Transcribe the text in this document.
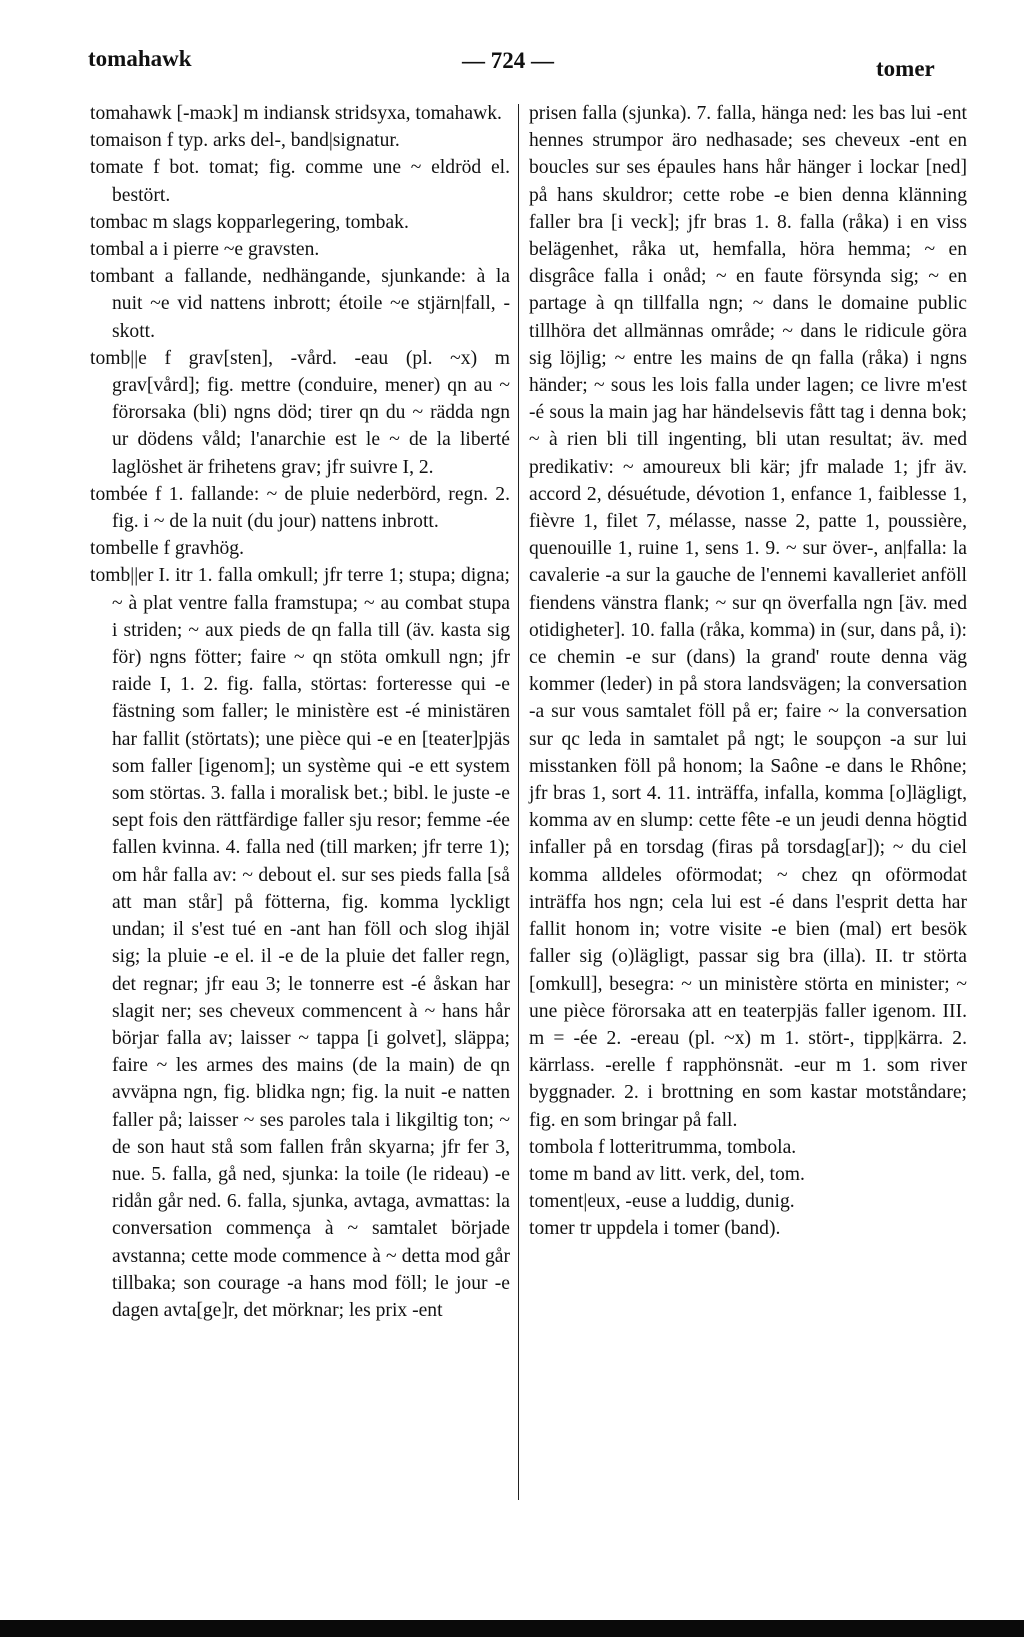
tomahawk	— 724 —	tomer

tomahawk [-maɔk] m indiansk stridsyxa, tomahawk.

tomaison f typ. arks del-, band|signatur.

tomate f bot. tomat; fig. comme une ~ eldröd el. bestört.

tombac m slags kopparlegering, tombak.

tombal a i pierre ~e gravsten.

tombant a fallande, nedhängande, sjunkande: à la nuit ~e vid nattens inbrott; étoile ~e stjärn|fall, -skott.

tomb||e f grav[sten], -vård. -eau (pl. ~x) m grav[vård]; fig. mettre (conduire, mener) qn au ~ förorsaka (bli) ngns död; tirer qn du ~ rädda ngn ur dödens våld; l'anarchie est le ~ de la liberté laglöshet är frihetens grav; jfr suivre I, 2.

tombée f 1. fallande: ~ de pluie nederbörd, regn. 2. fig. i ~ de la nuit (du jour) nattens inbrott.

tombelle f gravhög.

tomb||er I. itr 1. falla omkull; jfr terre 1; stupa; digna; ~ à plat ventre falla framstupa; ~ au combat stupa i striden; ~ aux pieds de qn falla till (äv. kasta sig för) ngns fötter; faire ~ qn stöta omkull ngn; jfr raide I, 1. 2. fig. falla, störtas: forteresse qui -e fästning som faller; le ministère est -é ministären har fallit (störtats); une pièce qui -e en [teater]pjäs som faller [igenom]; un système qui -e ett system som störtas. 3. falla i moralisk bet.; bibl. le juste -e sept fois den rättfärdige faller sju resor; femme -ée fallen kvinna. 4. falla ned (till marken; jfr terre 1); om hår falla av: ~ debout el. sur ses pieds falla [så att man står] på fötterna, fig. komma lyckligt undan; il s'est tué en -ant han föll och slog ihjäl sig; la pluie -e el. il -e de la pluie det faller regn, det regnar; jfr eau 3; le tonnerre est -é åskan har slagit ner; ses cheveux commencent à ~ hans hår börjar falla av; laisser ~ tappa [i golvet], släppa; faire ~ les armes des mains (de la main) de qn avväpna ngn, fig. blidka ngn; fig. la nuit -e natten faller på; laisser ~ ses paroles tala i likgiltig ton; ~ de son haut stå som fallen från skyarna; jfr fer 3, nue. 5. falla, gå ned, sjunka: la toile (le rideau) -e ridån går ned. 6. falla, sjunka, avtaga, avmattas: la conversation commença à ~ samtalet började avstanna; cette mode commence à ~ detta mod går tillbaka; son courage -a hans mod föll; le jour -e dagen avta[ge]r, det mörknar; les prix -ent

prisen falla (sjunka). 7. falla, hänga ned: les bas lui -ent hennes strumpor äro nedhasade; ses cheveux -ent en boucles sur ses épaules hans hår hänger i lockar [ned] på hans skuldror; cette robe -e bien denna klänning faller bra [i veck]; jfr bras 1. 8. falla (råka) i en viss belägenhet, råka ut, hemfalla, höra hemma; ~ en disgrâce falla i onåd; ~ en faute försynda sig; ~ en partage à qn tillfalla ngn; ~ dans le domaine public tillhöra det allmännas område; ~ dans le ridicule göra sig löjlig; ~ entre les mains de qn falla (råka) i ngns händer; ~ sous les lois falla under lagen; ce livre m'est -é sous la main jag har händelsevis fått tag i denna bok; ~ à rien bli till ingenting, bli utan resultat; äv. med predikativ: ~ amoureux bli kär; jfr malade 1; jfr äv. accord 2, désuétude, dévotion 1, enfance 1, faiblesse 1, fièvre 1, filet 7, mélasse, nasse 2, patte 1, poussière, quenouille 1, ruine 1, sens 1. 9. ~ sur över-, an|falla: la cavalerie -a sur la gauche de l'ennemi kavalleriet anföll fiendens vänstra flank; ~ sur qn överfalla ngn [äv. med otidigheter]. 10. falla (råka, komma) in (sur, dans på, i): ce chemin -e sur (dans) la grand' route denna väg kommer (leder) in på stora landsvägen; la conversation -a sur vous samtalet föll på er; faire ~ la conversation sur qc leda in samtalet på ngt; le soupçon -a sur lui misstanken föll på honom; la Saône -e dans le Rhône; jfr bras 1, sort 4. 11. inträffa, infalla, komma [o]lägligt, komma av en slump: cette fête -e un jeudi denna högtid infaller på en torsdag (firas på torsdag[ar]); ~ du ciel komma alldeles oförmodat; ~ chez qn oförmodat inträffa hos ngn; cela lui est -é dans l'esprit detta har fallit honom in; votre visite -e bien (mal) ert besök faller sig (o)lägligt, passar sig bra (illa). II. tr störta [omkull], besegra: ~ un ministère störta en minister; ~ une pièce förorsaka att en teaterpjäs faller igenom. III. m = -ée 2. -ereau (pl. ~x) m 1. stört-, tipp|kärra. 2. kärrlass. -erelle f rapphönsnät. -eur m 1. som river byggnader. 2. i brottning en som kastar motståndare; fig. en som bringar på fall.

tombola f lotteritrumma, tombola.

tome m band av litt. verk, del, tom.

toment|eux, -euse a luddig, dunig.

tomer tr uppdela i tomer (band).
